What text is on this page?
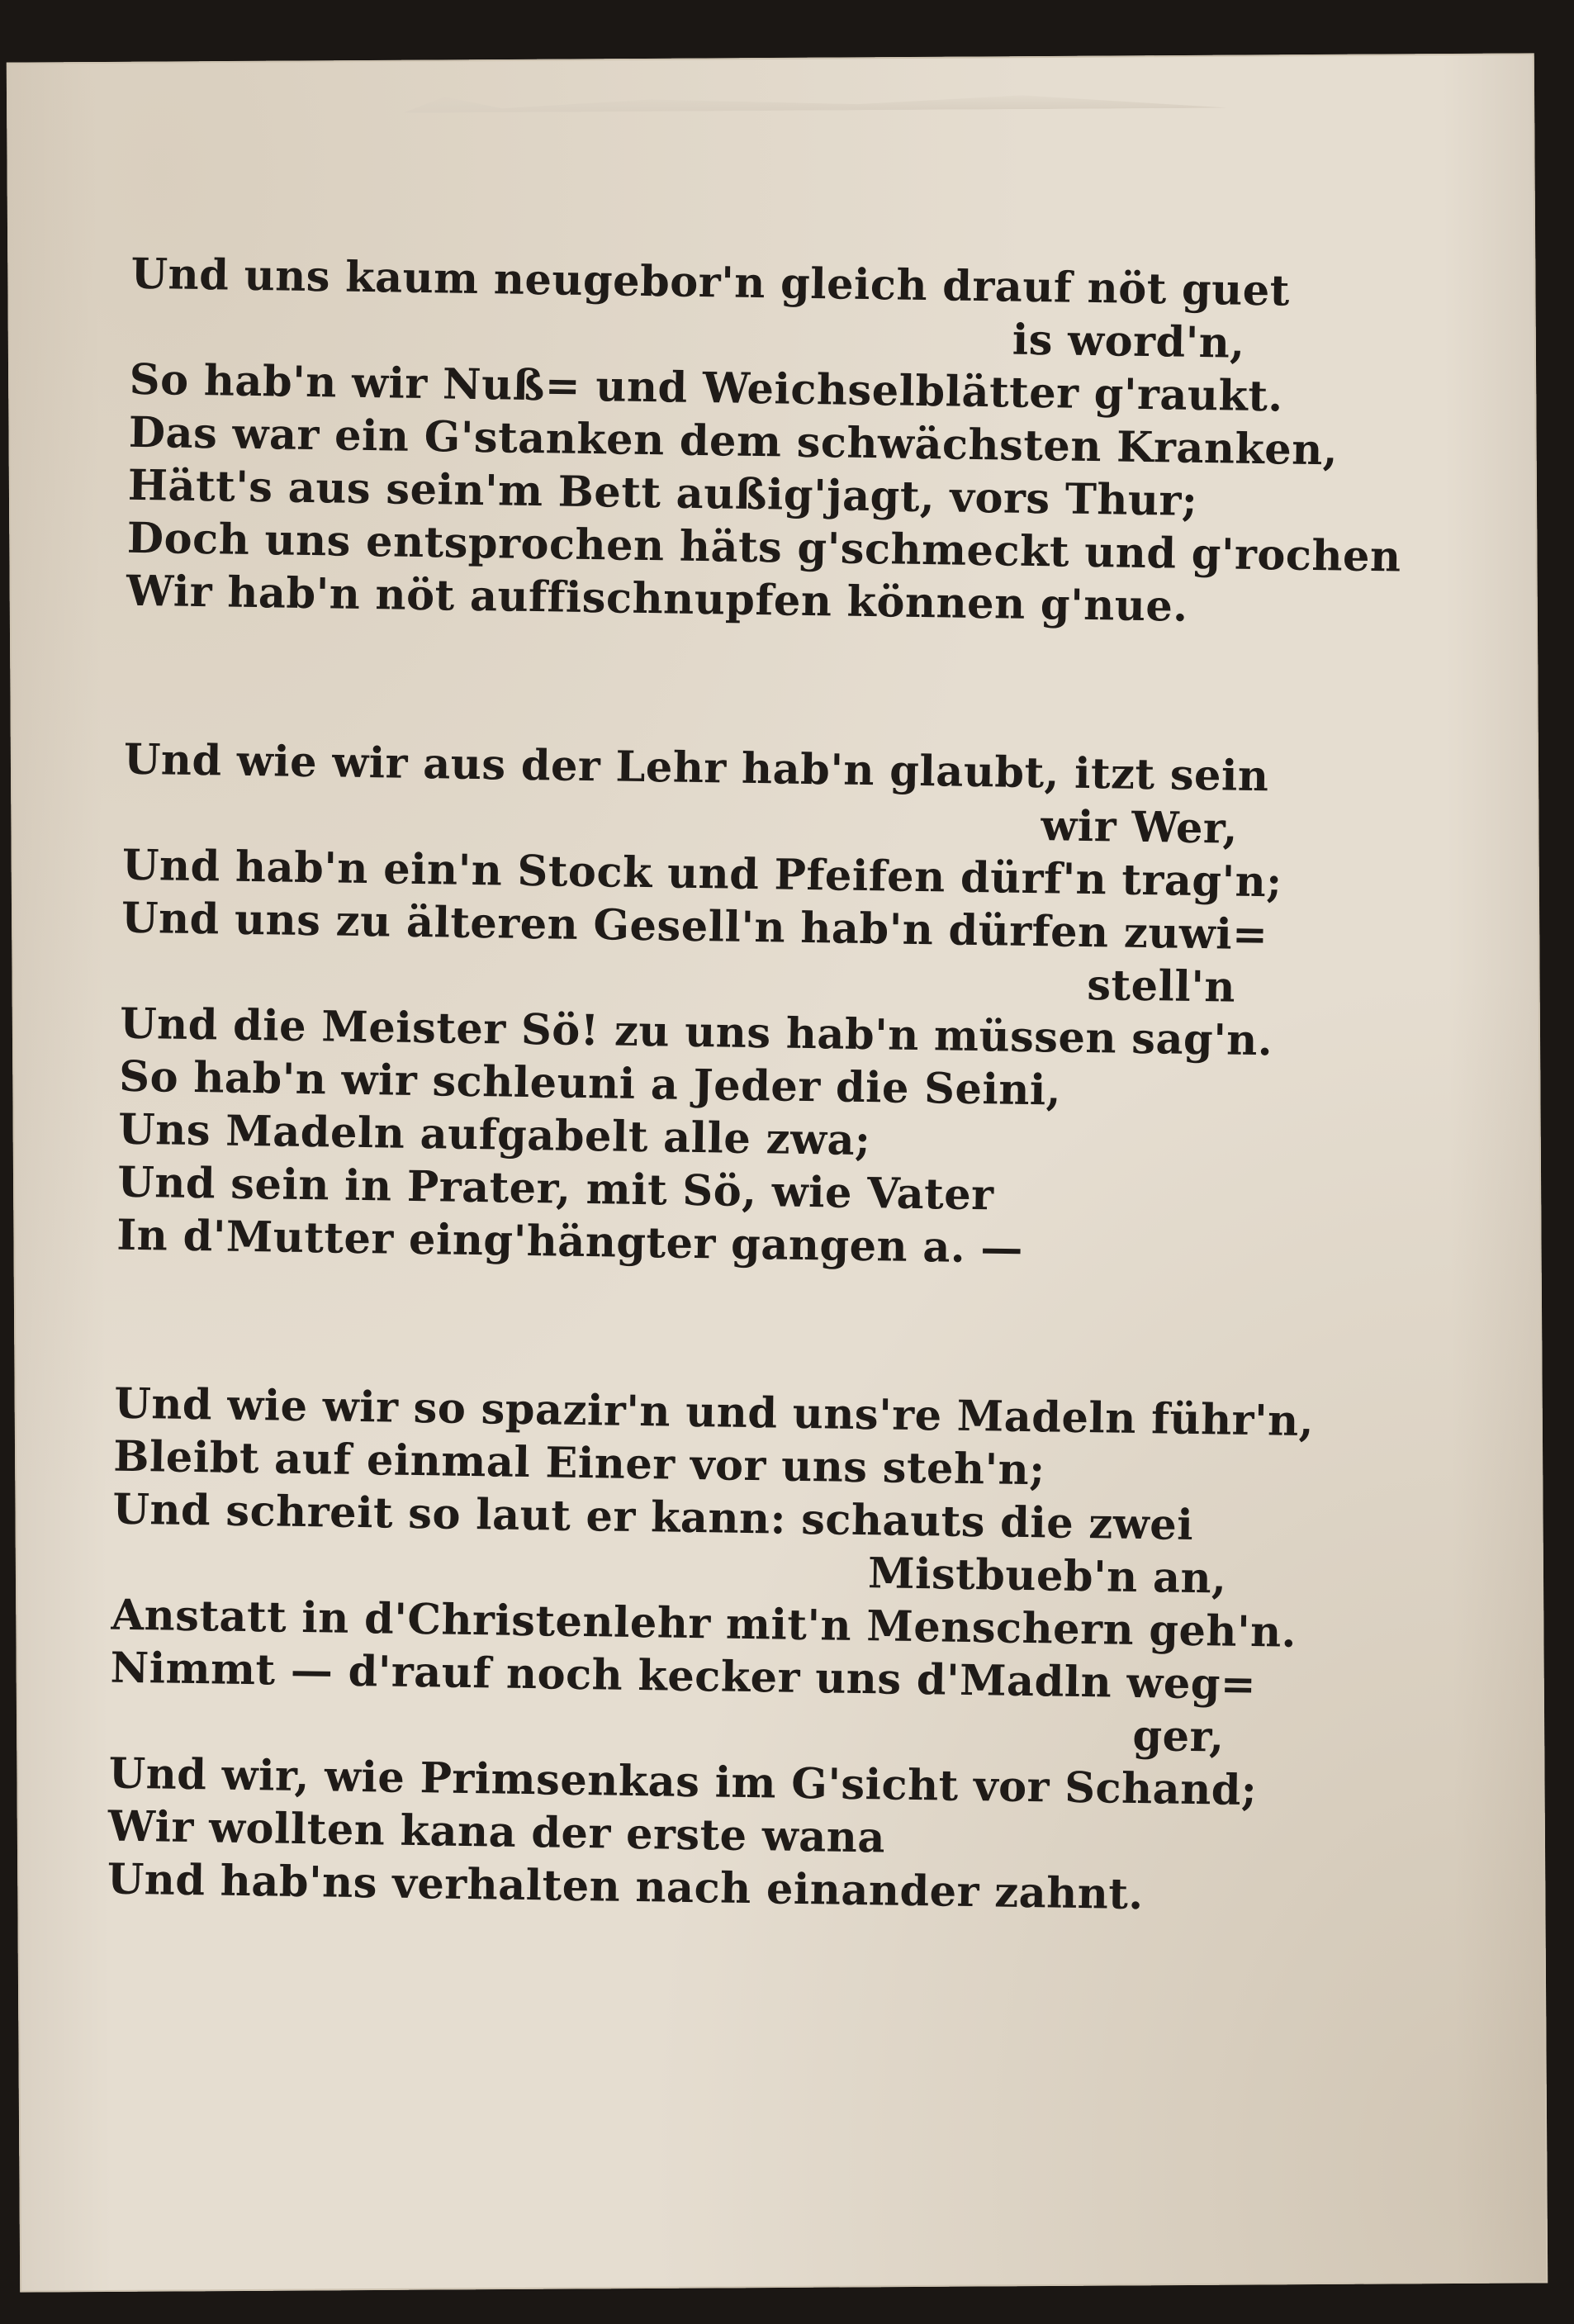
Und uns kaum neugebor'n gleich drauf nöt guet
is word'n,
So hab'n wir Nuß= und Weichselblätter g'raukt.
Das war ein G'stanken dem schwächsten Kranken,
Hätt's aus sein'm Bett außig'jagt, vors Thur;
Doch uns entsprochen häts g'schmeckt und g'rochen
Wir hab'n nöt auffischnupfen können g'nue.
Und wie wir aus der Lehr hab'n glaubt, itzt sein
wir Wer,
Und hab'n ein'n Stock und Pfeifen dürf'n trag'n;
Und uns zu älteren Gesell'n hab'n dürfen zuwi=
stell'n
Und die Meister Sö! zu uns hab'n müssen sag'n.
So hab'n wir schleuni a Jeder die Seini,
Uns Madeln aufgabelt alle zwa;
Und sein in Prater, mit Sö, wie Vater
In d'Mutter eing'hängter gangen a. —
Und wie wir so spazir'n und uns're Madeln führ'n,
Bleibt auf einmal Einer vor uns steh'n;
Und schreit so laut er kann: schauts die zwei
Mistbueb'n an,
Anstatt in d'Christenlehr mit'n Menschern geh'n.
Nimmt — d'rauf noch kecker uns d'Madln weg=
ger,
Und wir, wie Primsenkas im G'sicht vor Schand;
Wir wollten kana der erste wana
Und hab'ns verhalten nach einander zahnt.
